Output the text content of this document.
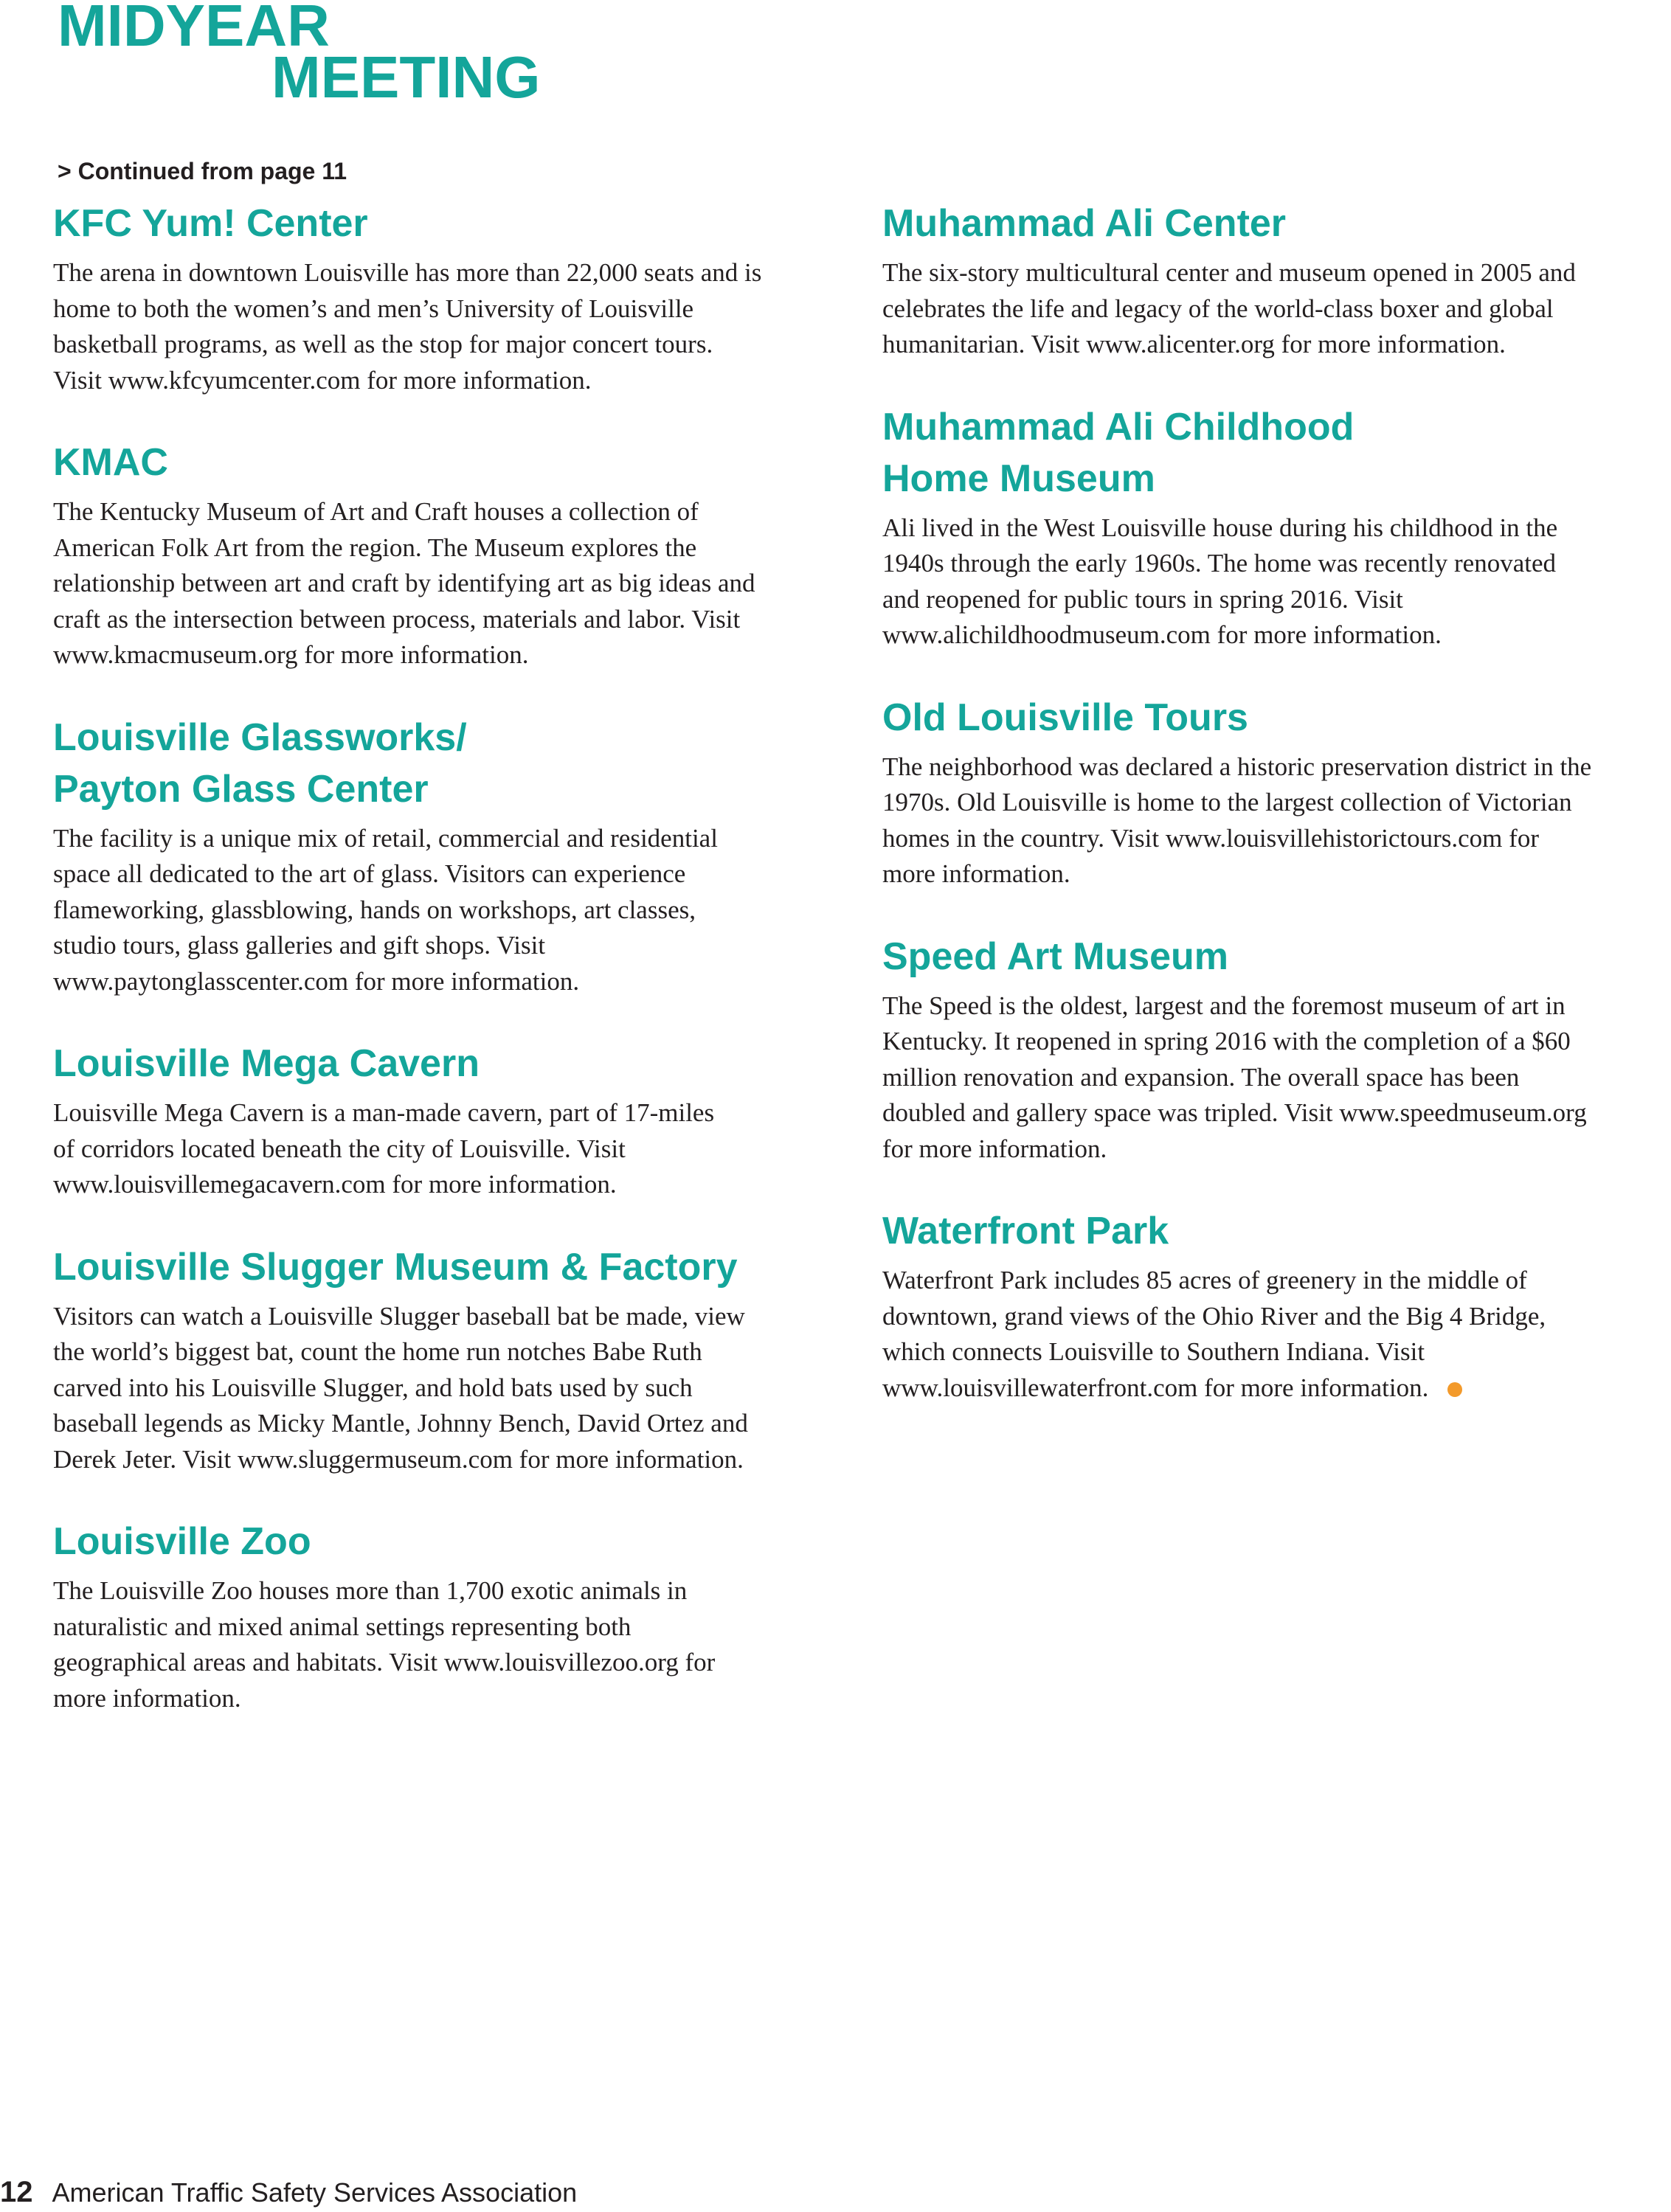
MIDYEAR
MEETING
> Continued from page 11
KFC Yum! Center

The arena in downtown Louisville has more than 22,000 seats and is
home to both the women’s and men’s University of Louisville
basketball programs, as well as the stop for major concert tours.
Visit www.kfcyumcenter.com for more information.

KMAC

The Kentucky Museum of Art and Craft houses a collection of
American Folk Art from the region. The Museum explores the
relationship between art and craft by identifying art as big ideas and
craft as the intersection between process, materials and labor. Visit
www.kmacmuseum.org for more information.

Louisville Glassworks/
Payton Glass Center

The facility is a unique mix of retail, commercial and residential
space all dedicated to the art of glass. Visitors can experience
flameworking, glassblowing, hands on workshops, art classes,
studio tours, glass galleries and gift shops. Visit
www.paytonglasscenter.com for more information.

Louisville Mega Cavern

Louisville Mega Cavern is a man-made cavern, part of 17-miles
of corridors located beneath the city of Louisville. Visit
www.louisvillemegacavern.com for more information.

Louisville Slugger Museum & Factory

Visitors can watch a Louisville Slugger baseball bat be made, view
the world’s biggest bat, count the home run notches Babe Ruth
carved into his Louisville Slugger, and hold bats used by such
baseball legends as Micky Mantle, Johnny Bench, David Ortez and
Derek Jeter. Visit www.sluggermuseum.com for more information.

Louisville Zoo

The Louisville Zoo houses more than 1,700 exotic animals in
naturalistic and mixed animal settings representing both
geographical areas and habitats. Visit www.louisvillezoo.org for
more information.

Muhammad Ali Center

The six-story multicultural center and museum opened in 2005 and
celebrates the life and legacy of the world-class boxer and global
humanitarian. Visit www.alicenter.org for more information.

Muhammad Ali Childhood
Home Museum

Ali lived in the West Louisville house during his childhood in the
1940s through the early 1960s. The home was recently renovated
and reopened for public tours in spring 2016. Visit
www.alichildhoodmuseum.com for more information.

Old Louisville Tours

The neighborhood was declared a historic preservation district in the
1970s. Old Louisville is home to the largest collection of Victorian
homes in the country. Visit www.louisvillehistorictours.com for
more information.

Speed Art Museum

The Speed is the oldest, largest and the foremost museum of art in
Kentucky. It reopened in spring 2016 with the completion of a $60
million renovation and expansion. The overall space has been
doubled and gallery space was tripled. Visit www.speedmuseum.org
for more information.

Waterfront Park

Waterfront Park includes 85 acres of greenery in the middle of
downtown, grand views of the Ohio River and the Big 4 Bridge,
which connects Louisville to Southern Indiana. Visit
www.louisvillewaterfront.com for more information.

12 American Traffic Safety Services Association
